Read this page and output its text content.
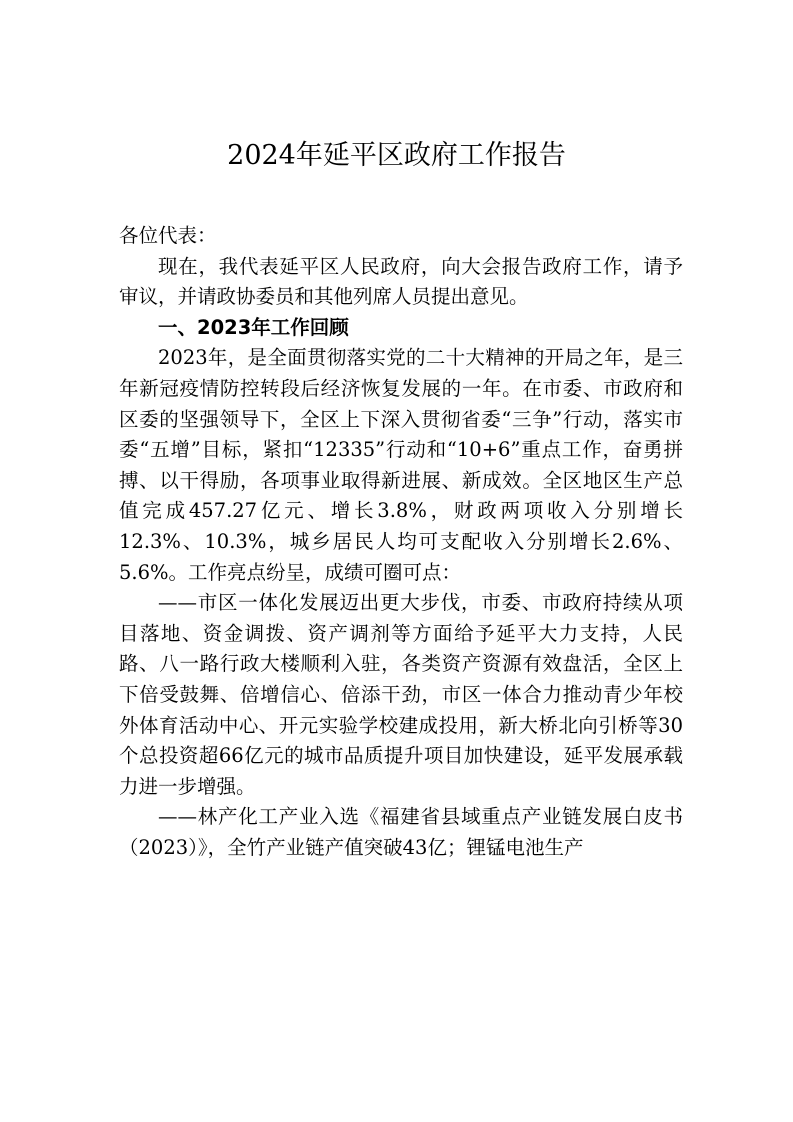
2024年延平区政府工作报告

各位代表：

现在，我代表延平区人民政府，向大会报告政府工作，请予审议，并请政协委员和其他列席人员提出意见。

一、2023年工作回顾

2023年，是全面贯彻落实党的二十大精神的开局之年，是三年新冠疫情防控转段后经济恢复发展的一年。在市委、市政府和区委的坚强领导下，全区上下深入贯彻省委“三争”行动，落实市委“五增”目标，紧扣“12335”行动和“10+6”重点工作，奋勇拼搏、以干得励，各项事业取得新进展、新成效。全区地区生产总值完成457.27亿元、增长3.8%，财政两项收入分别增长12.3%、10.3%，城乡居民人均可支配收入分别增长2.6%、5.6%。工作亮点纷呈，成绩可圈可点：

——市区一体化发展迈出更大步伐，市委、市政府持续从项目落地、资金调拨、资产调剂等方面给予延平大力支持，人民路、八一路行政大楼顺利入驻，各类资产资源有效盘活，全区上下倍受鼓舞、倍增信心、倍添干劲，市区一体合力推动青少年校外体育活动中心、开元实验学校建成投用，新大桥北向引桥等30个总投资超66亿元的城市品质提升项目加快建设，延平发展承载力进一步增强。

——林产化工产业入选《福建省县域重点产业链发展白皮书（2023）》，全竹产业链产值突破43亿；锂锰电池生产
